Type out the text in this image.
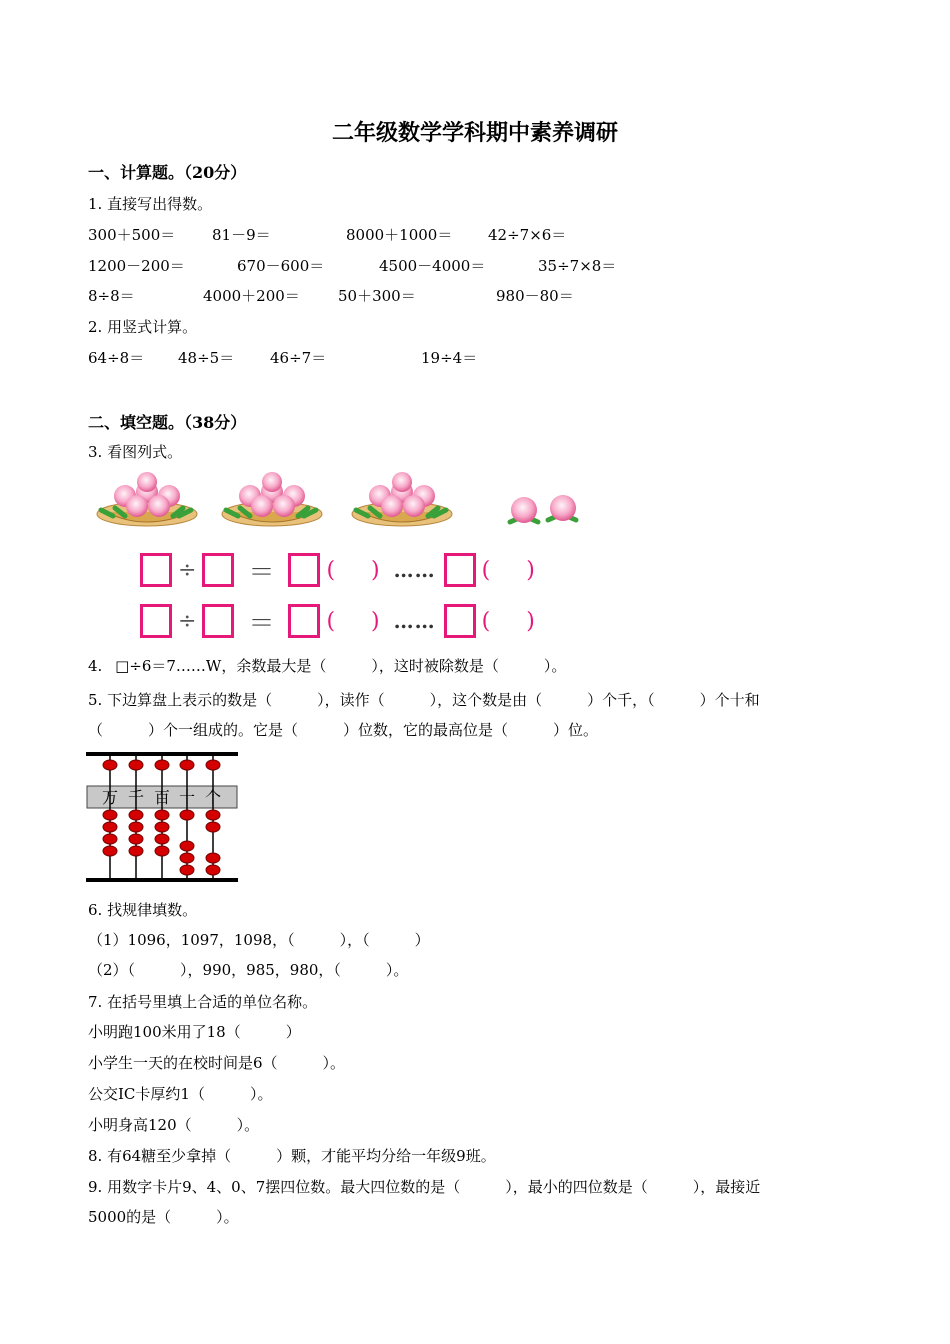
二年级数学学科期中素养调研
一、计算题。（20分）
1. 直接写出得数。
300＋500＝ 81－9＝	8000＋1000＝ 42÷7×6＝
1200－200＝	670－600＝	4500－4000＝	35÷7×8＝
8÷8＝	4000＋200＝	50＋300＝	980－80＝
2. 用竖式计算。
64÷8＝ 48÷5＝ 46÷7＝	19÷4＝
二、填空题。（38分）
3. 看图列式。
÷ ＝ ( ) …… ( )
÷ ＝ ( ) …… ( )
4. □÷6＝7……W，余数最大是（　　　），这时被除数是（　　　）。
5. 下边算盘上表示的数是（　　　），读作（　　　），这个数是由（　　　）个千，（　　　）个十和
（　　　）个一组成的。它是（　　　）位数，它的最高位是（　　　）位。
万 千 百 十 个
6. 找规律填数。
（1）1096，1097，1098，（　　　），（　　　）
（2）（　　　），990，985，980，（　　　）。
7. 在括号里填上合适的单位名称。
小明跑100米用了18（　　　）
小学生一天的在校时间是6（　　　）。
公交IC卡厚约1（　　　）。
小明身高120（　　　）。
8. 有64糖至少拿掉（　　　）颗，才能平均分给一年级9班。
9. 用数字卡片9、4、0、7摆四位数。最大四位数的是（　　　），最小的四位数是（　　　），最接近
5000的是（　　　）。
